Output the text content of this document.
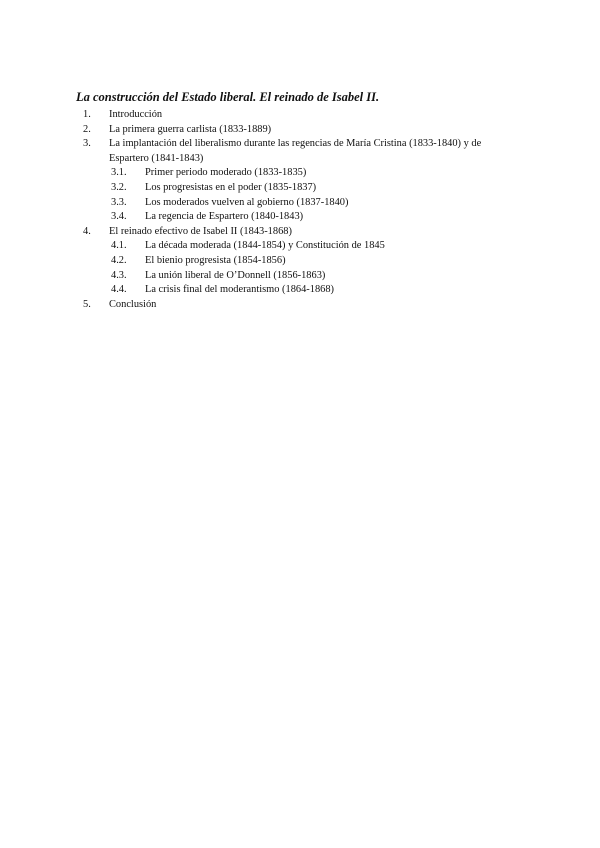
La construcción del Estado liberal. El reinado de Isabel II.
1. Introducción
2. La primera guerra carlista (1833-1889)
3. La implantación del liberalismo durante las regencias de María Cristina (1833-1840) y de Espartero (1841-1843)
3.1. Primer periodo moderado (1833-1835)
3.2. Los progresistas en el poder (1835-1837)
3.3. Los moderados vuelven al gobierno (1837-1840)
3.4. La regencia de Espartero (1840-1843)
4. El reinado efectivo de Isabel II (1843-1868)
4.1. La década moderada (1844-1854) y Constitución de 1845
4.2. El bienio progresista (1854-1856)
4.3. La unión liberal de O’Donnell (1856-1863)
4.4. La crisis final del moderantismo (1864-1868)
5. Conclusión
